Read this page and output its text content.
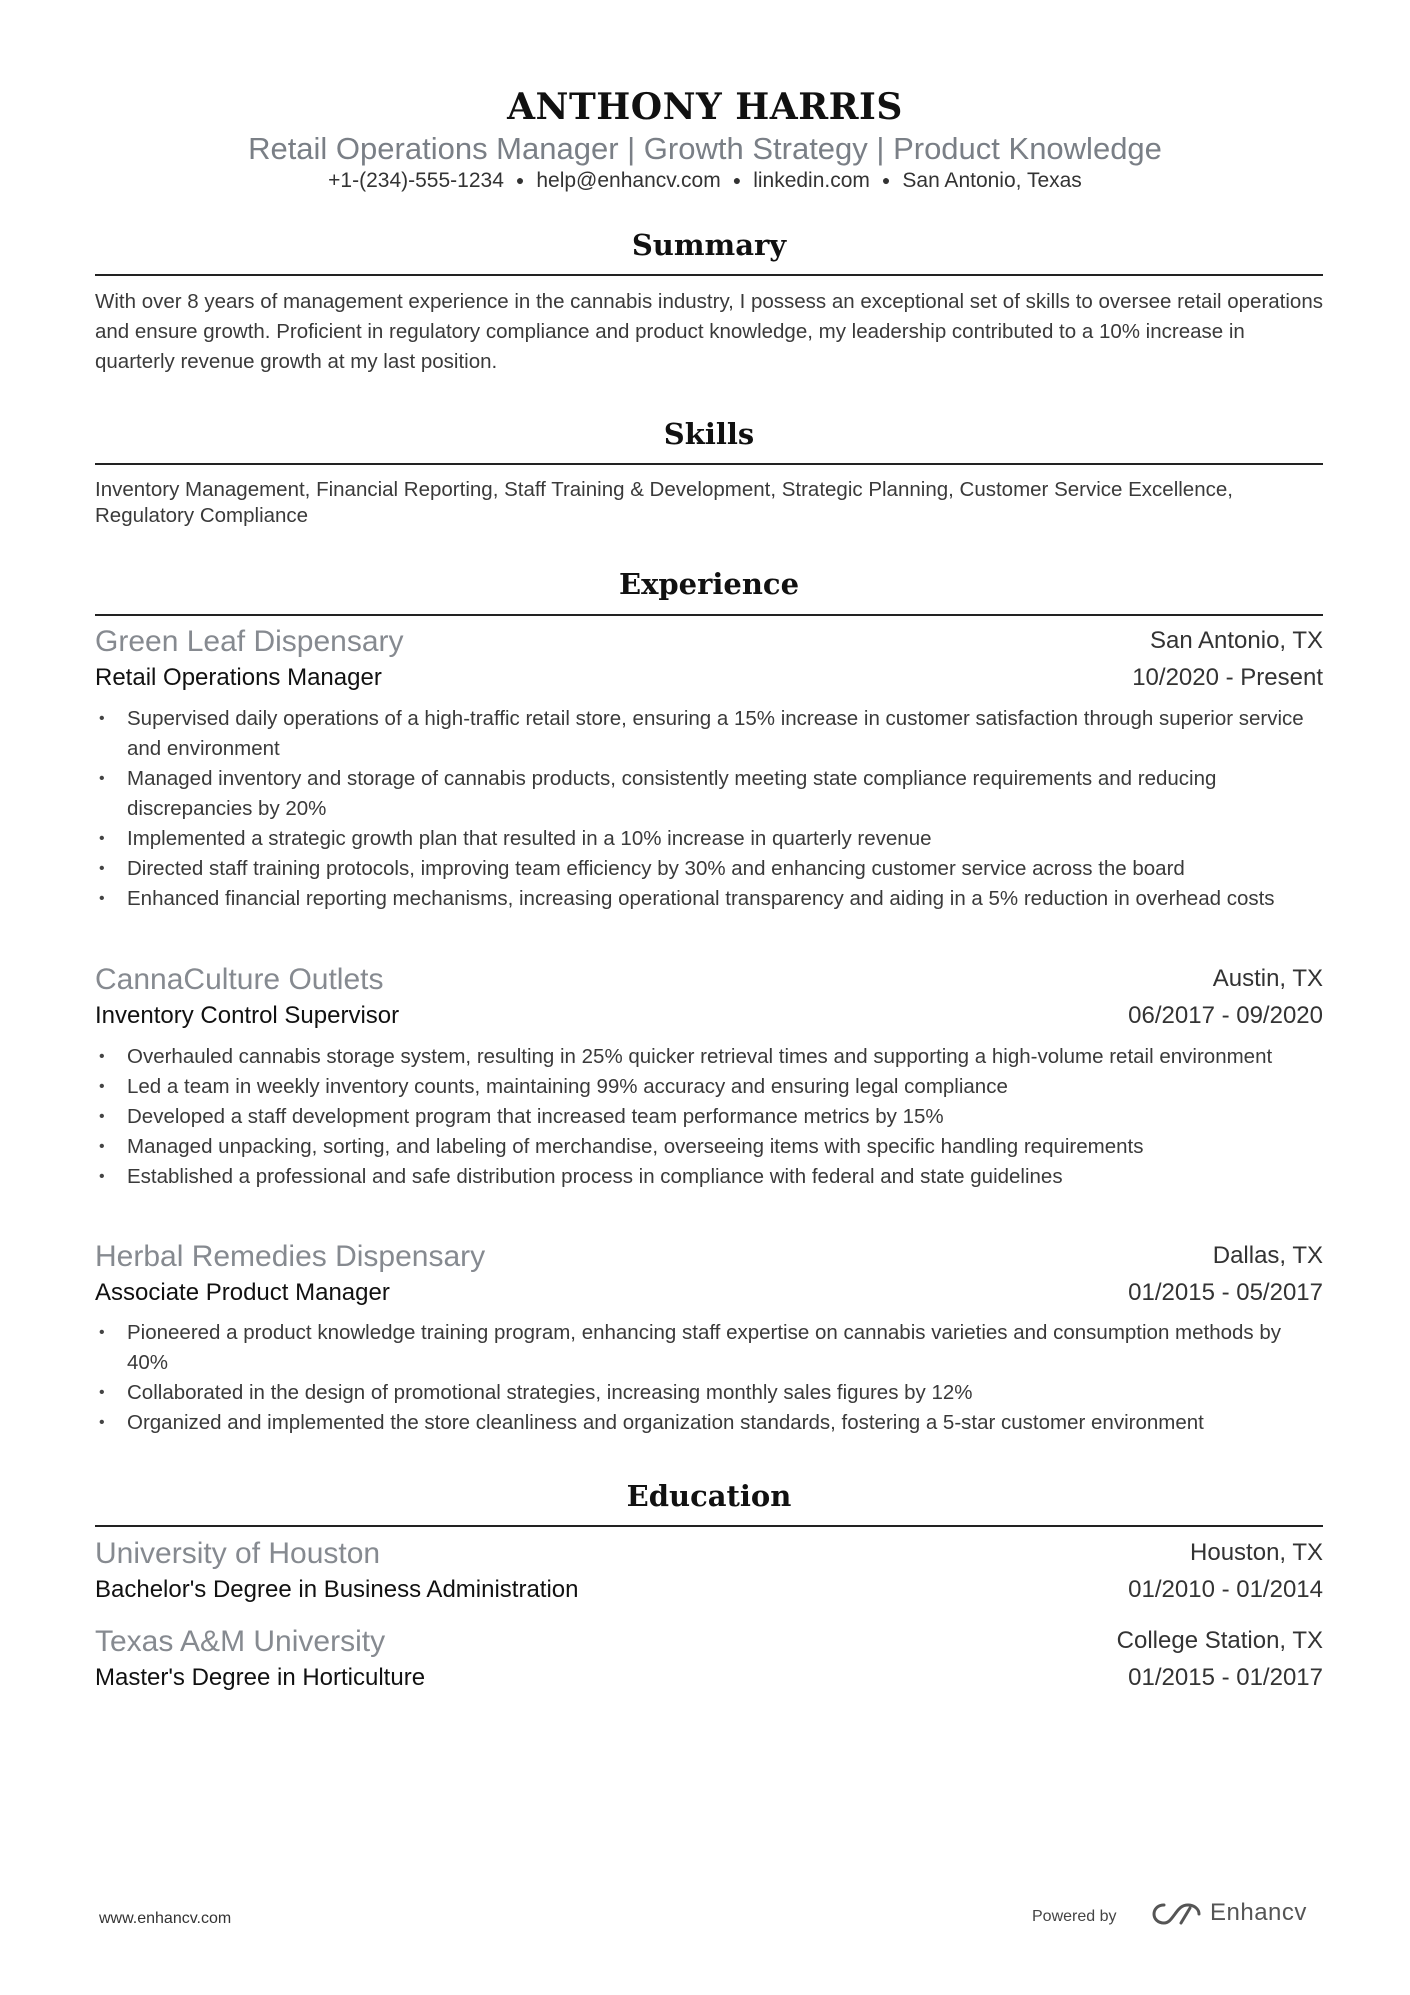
ANTHONY HARRIS
Retail Operations Manager | Growth Strategy | Product Knowledge
+1-(234)-555-1234 ● help@enhancv.com ● linkedin.com ● San Antonio, Texas
Summary
With over 8 years of management experience in the cannabis industry, I possess an exceptional set of skills to oversee retail operations and ensure growth. Proficient in regulatory compliance and product knowledge, my leadership contributed to a 10% increase in quarterly revenue growth at my last position.
Skills
Inventory Management, Financial Reporting, Staff Training & Development, Strategic Planning, Customer Service Excellence, Regulatory Compliance
Experience
Green Leaf Dispensary	San Antonio, TX
Retail Operations Manager	10/2020 - Present
• Supervised daily operations of a high-traffic retail store, ensuring a 15% increase in customer satisfaction through superior service and environment
• Managed inventory and storage of cannabis products, consistently meeting state compliance requirements and reducing discrepancies by 20%
• Implemented a strategic growth plan that resulted in a 10% increase in quarterly revenue
• Directed staff training protocols, improving team efficiency by 30% and enhancing customer service across the board
• Enhanced financial reporting mechanisms, increasing operational transparency and aiding in a 5% reduction in overhead costs
CannaCulture Outlets	Austin, TX
Inventory Control Supervisor	06/2017 - 09/2020
• Overhauled cannabis storage system, resulting in 25% quicker retrieval times and supporting a high-volume retail environment
• Led a team in weekly inventory counts, maintaining 99% accuracy and ensuring legal compliance
• Developed a staff development program that increased team performance metrics by 15%
• Managed unpacking, sorting, and labeling of merchandise, overseeing items with specific handling requirements
• Established a professional and safe distribution process in compliance with federal and state guidelines
Herbal Remedies Dispensary	Dallas, TX
Associate Product Manager	01/2015 - 05/2017
• Pioneered a product knowledge training program, enhancing staff expertise on cannabis varieties and consumption methods by 40%
• Collaborated in the design of promotional strategies, increasing monthly sales figures by 12%
• Organized and implemented the store cleanliness and organization standards, fostering a 5-star customer environment
Education
University of Houston	Houston, TX
Bachelor's Degree in Business Administration	01/2010 - 01/2014
Texas A&M University	College Station, TX
Master's Degree in Horticulture	01/2015 - 01/2017
www.enhancv.com	Powered by	Enhancv
